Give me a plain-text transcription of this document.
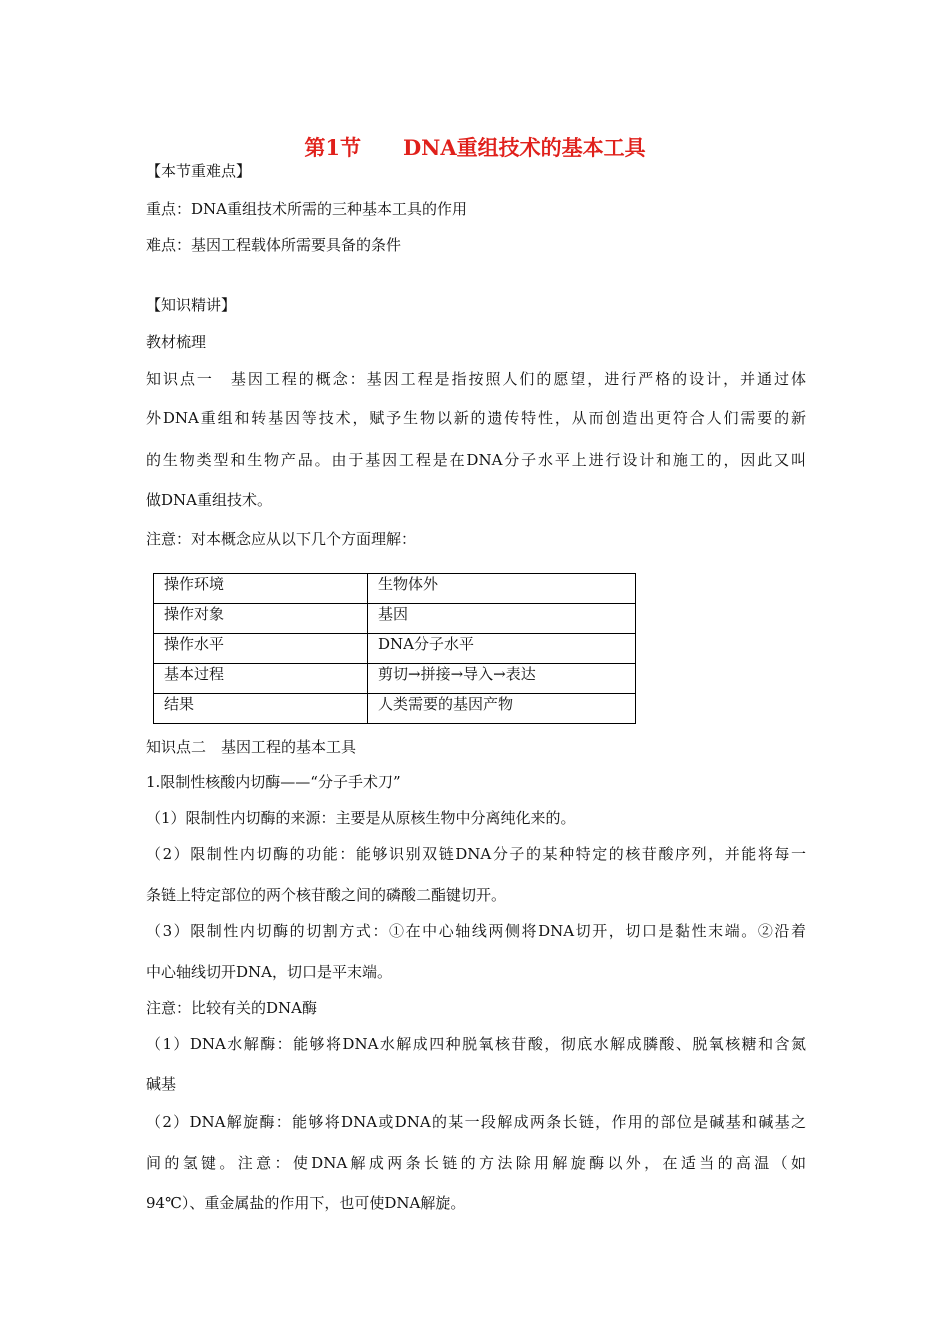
第1节　　DNA重组技术的基本工具
【本节重难点】
重点：DNA重组技术所需的三种基本工具的作用
难点：基因工程载体所需要具备的条件
【知识精讲】
教材梳理
知识点一　基因工程的概念：基因工程是指按照人们的愿望，进行严格的设计，并通过体
外DNA重组和转基因等技术，赋予生物以新的遗传特性，从而创造出更符合人们需要的新
的生物类型和生物产品。由于基因工程是在DNA分子水平上进行设计和施工的，因此又叫
做DNA重组技术。
注意：对本概念应从以下几个方面理解：
操作环境	生物体外
操作对象	基因
操作水平	DNA分子水平
基本过程	剪切→拼接→导入→表达
结果	人类需要的基因产物
知识点二　基因工程的基本工具
1.限制性核酸内切酶——“分子手术刀”
（1）限制性内切酶的来源：主要是从原核生物中分离纯化来的。
（2）限制性内切酶的功能：能够识别双链DNA分子的某种特定的核苷酸序列，并能将每一
条链上特定部位的两个核苷酸之间的磷酸二酯键切开。
（3）限制性内切酶的切割方式：①在中心轴线两侧将DNA切开，切口是黏性末端。②沿着
中心轴线切开DNA，切口是平末端。
注意：比较有关的DNA酶
（1）DNA水解酶：能够将DNA水解成四种脱氧核苷酸，彻底水解成膦酸、脱氧核糖和含氮
碱基
（2）DNA解旋酶：能够将DNA或DNA的某一段解成两条长链，作用的部位是碱基和碱基之
间的氢键。注意：使DNA解成两条长链的方法除用解旋酶以外，在适当的高温（如
94℃）、重金属盐的作用下，也可使DNA解旋。
